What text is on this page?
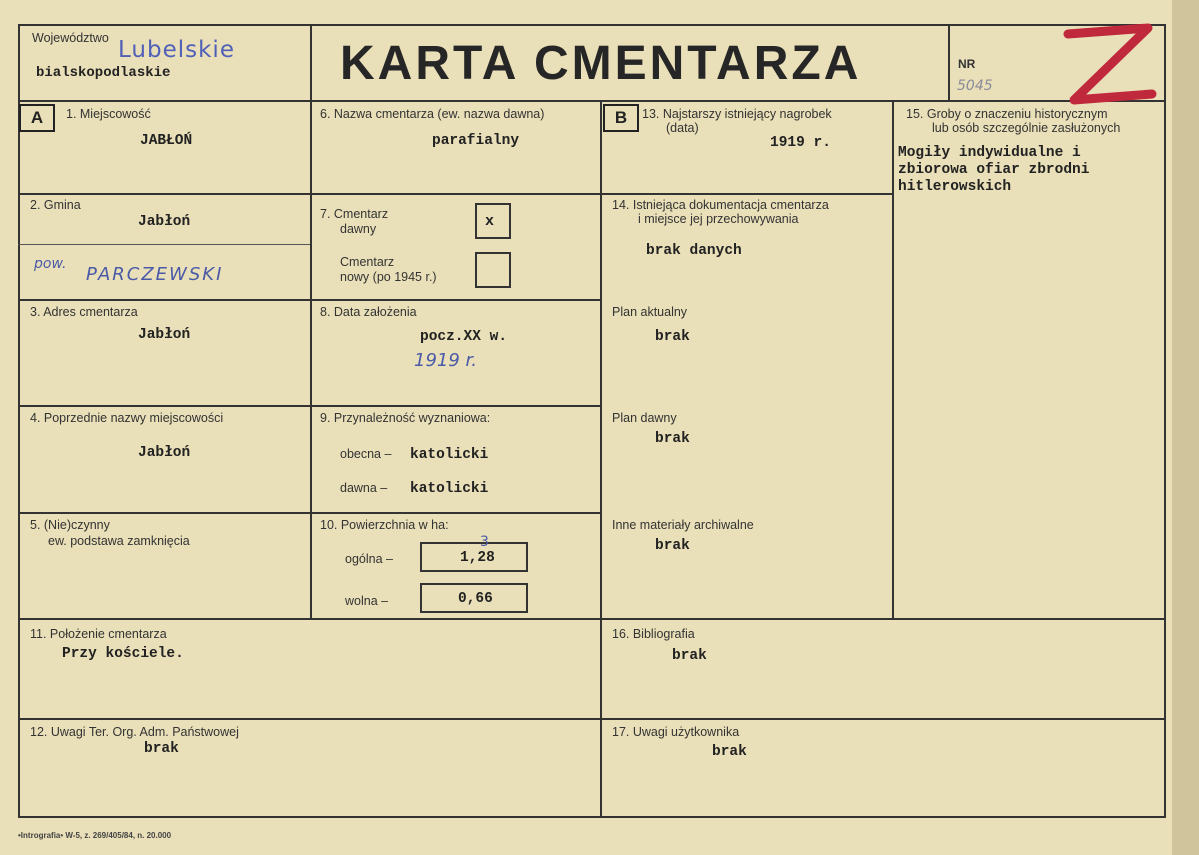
Województwo Lubelskie
bialskopodlaskie	KARTA CMENTARZA	NR
5045
A	1. Miejscowość
JABŁOŃ
6. Nazwa cmentarza (ew. nazwa dawna)
parafialny
2. Gmina
Jabłoń
pow. PARCZEWSKI
7. Cmentarz
dawny	x
Cmentarz
nowy (po 1945 r.)
3. Adres cmentarza
Jabłoń
8. Data założenia
pocz.XX w.
1919 r.
4. Poprzednie nazwy miejscowości
Jabłoń
9. Przynależność wyznaniowa:
obecna – katolicki
dawna – katolicki
5. (Nie)czynny
ew. podstawa zamknięcia
10. Powierzchnia w ha:
ogólna –	1,28
3
wolna –	0,66
11. Położenie cmentarza
Przy kościele.
12. Uwagi Ter. Org. Adm. Państwowej
brak
B	13. Najstarszy istniejący nagrobek
(data)
1919 r.
14. Istniejąca dokumentacja cmentarza
i miejsce jej przechowywania
brak danych
Plan aktualny
brak
Plan dawny
brak
Inne materiały archiwalne
brak
15. Groby o znaczeniu historycznym
lub osób szczególnie zasłużonych
Mogiły indywidualne i
zbiorowa ofiar zbrodni
hitlerowskich
16. Bibliografia
brak
17. Uwagi użytkownika
brak
•Intrografia• W-5, z. 269/405/84, n. 20.000
